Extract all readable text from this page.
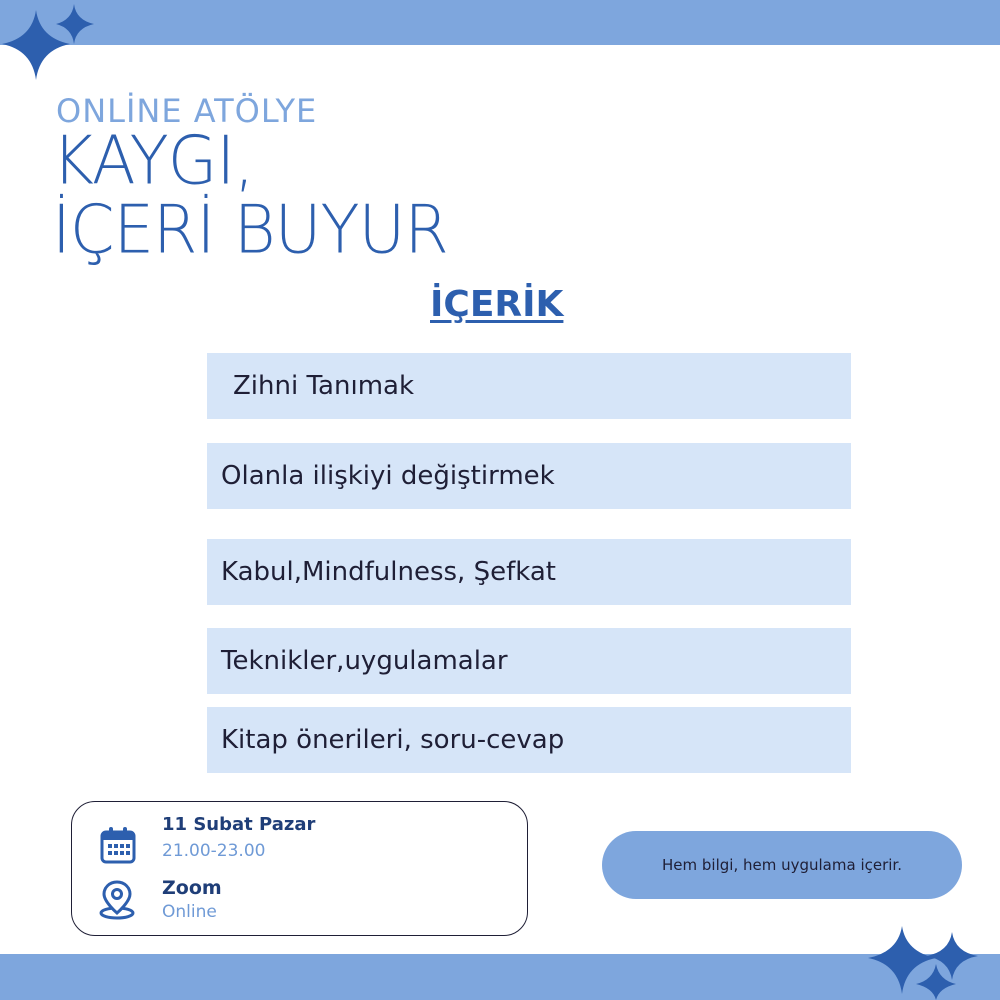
ONLİNE ATÖLYE
KAYGI,
İÇERİ BUYUR
İÇERİK
Zihni Tanımak
Olanla ilişkiyi değiştirmek
Kabul,Mindfulness, Şefkat
Teknikler,uygulamalar
Kitap önerileri, soru-cevap
11 Subat Pazar
21.00-23.00
Zoom
Online
Hem bilgi, hem uygulama içerir.
